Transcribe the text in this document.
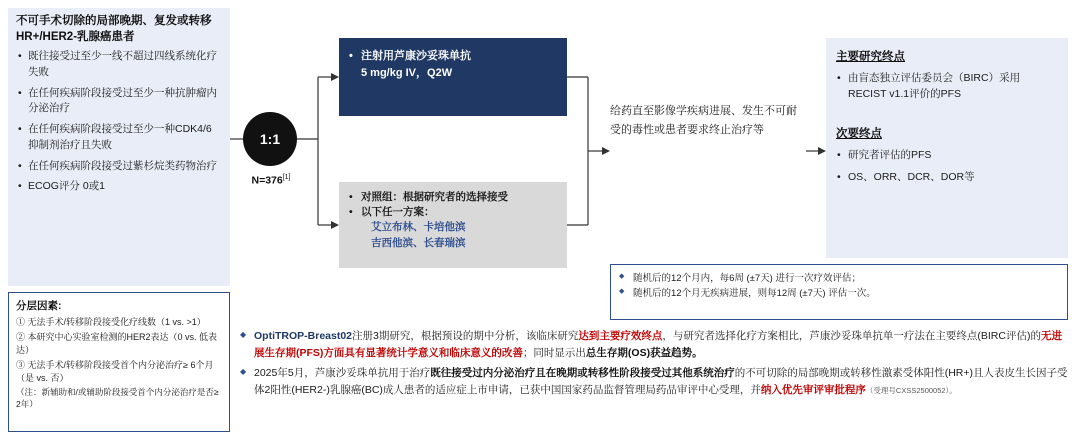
不可手术切除的局部晚期、复发或转移HR+/HER2-乳腺癌患者
• 既往接受过至少一线不超过四线系统化疗失败
• 在任何疾病阶段接受过至少一种抗肿瘤内分泌治疗
• 在任何疾病阶段接受过至少一种CDK4/6抑制剂治疗且失败
• 在任何疾病阶段接受过紫杉烷类药物治疗
• ECOG评分 0或1
分层因素:
① 无法手术/转移阶段接受化疗线数（1 vs. >1）
② 本研究中心实验室检测的HER2表达（0 vs. 低表达）
③ 无法手术/转移阶段接受首个内分泌治疗≥ 6个月（是 vs. 否）
（注：新辅助和/或辅助阶段接受首个内分泌治疗是否≥ 2年）
1:1
N=376[1]
• 注射用芦康沙妥珠单抗
5 mg/kg IV，Q2W
• 对照组：根据研究者的选择接受
• 以下任一方案：
艾立布林、卡培他滨
吉西他滨、长春瑞滨
给药直至影像学疾病进展、发生不可耐受的毒性或患者要求终止治疗等
主要研究终点
• 由盲态独立评估委员会（BIRC）采用RECIST v1.1评价的PFS
次要终点
• 研究者评估的PFS
• OS、ORR、DCR、DOR等
◆ 随机后的12个月内，每6周 (±7天) 进行一次疗效评估；
◆ 随机后的12个月无疾病进展，则每12周 (±7天) 评估一次。
◆ OptiTROP-Breast02注册3期研究，根据预设的期中分析，该临床研究达到主要疗效终点，与研究者选择化疗方案相比，芦康沙妥珠单抗单一疗法在主要终点(BIRC评估)的无进展生存期(PFS)方面具有显著统计学意义和临床意义的改善；同时显示出总生存期(OS)获益趋势。
◆ 2025年5月，芦康沙妥珠单抗用于治疗既往接受过内分泌治疗且在晚期或转移性阶段接受过其他系统治疗的不可切除的局部晚期或转移性激素受体阳性(HR+)且人表皮生长因子受体2阳性(HER2-)乳腺癌(BC)成人患者的适应症上市申请，已获中国国家药品监督管理局药品审评中心受理，并纳入优先审评审批程序（受理号CXSS2500052）。
